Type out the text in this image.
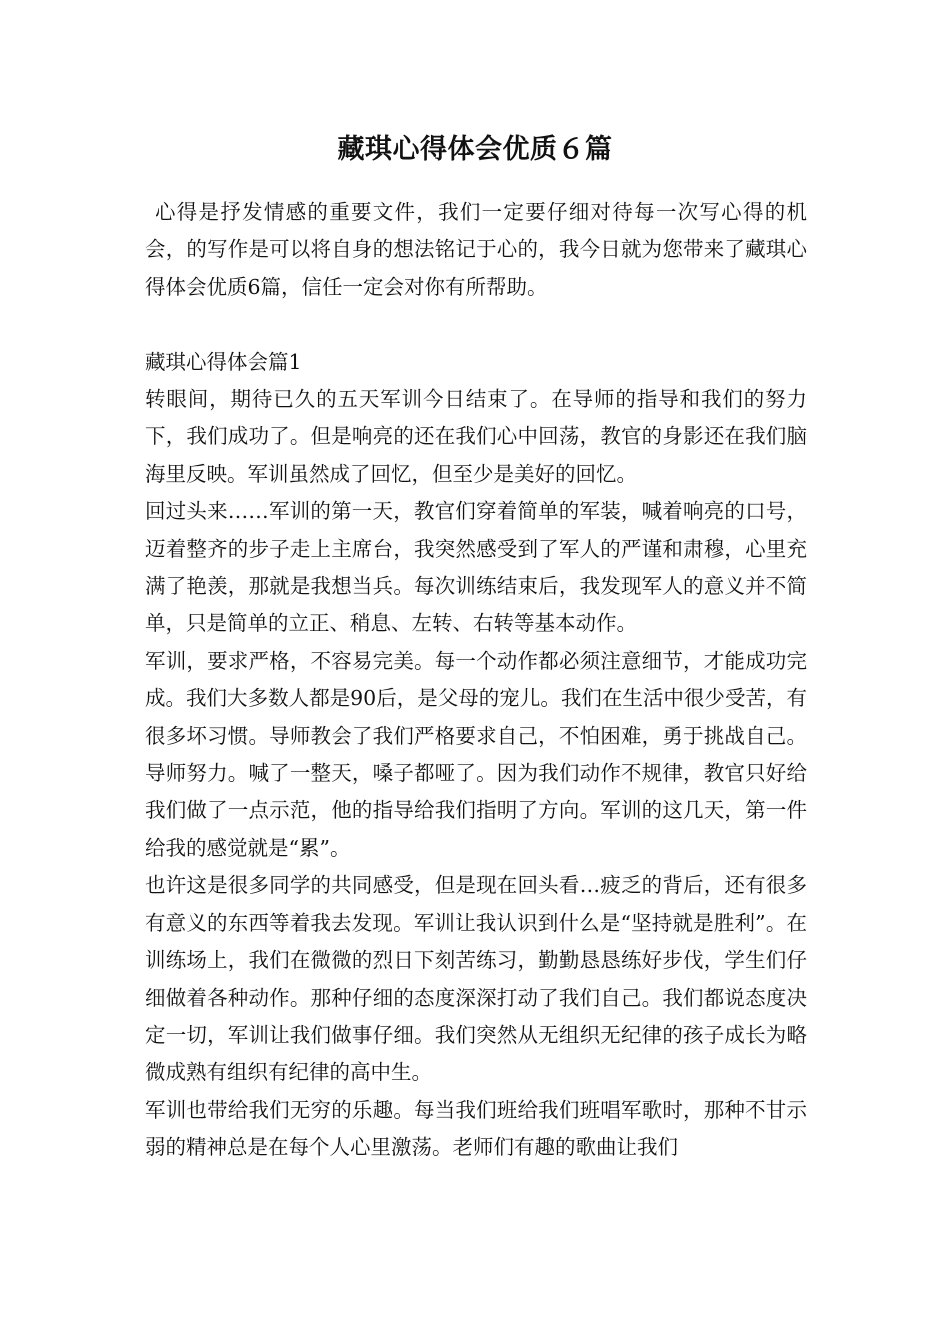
藏琪心得体会优质６篇

心得是抒发情感的重要文件，我们一定要仔细对待每一次写心得的机会，的写作是可以将自身的想法铭记于心的，我今日就为您带来了藏琪心得体会优质6篇，信任一定会对你有所帮助。

藏琪心得体会篇1

转眼间，期待已久的五天军训今日结束了。在导师的指导和我们的努力下，我们成功了。但是响亮的还在我们心中回荡，教官的身影还在我们脑海里反映。军训虽然成了回忆，但至少是美好的回忆。

回过头来……军训的第一天，教官们穿着简单的军装，喊着响亮的口号，迈着整齐的步子走上主席台，我突然感受到了军人的严谨和肃穆，心里充满了艳羡，那就是我想当兵。每次训练结束后，我发现军人的意义并不简单，只是简单的立正、稍息、左转、右转等基本动作。

军训，要求严格，不容易完美。每一个动作都必须注意细节，才能成功完成。我们大多数人都是90后，是父母的宠儿。我们在生活中很少受苦，有很多坏习惯。导师教会了我们严格要求自己，不怕困难，勇于挑战自己。导师努力。喊了一整天，嗓子都哑了。因为我们动作不规律，教官只好给我们做了一点示范，他的指导给我们指明了方向。军训的这几天，第一件给我的感觉就是“累”。

也许这是很多同学的共同感受，但是现在回头看…疲乏的背后，还有很多有意义的东西等着我去发现。军训让我认识到什么是“坚持就是胜利”。在训练场上，我们在微微的烈日下刻苦练习，勤勤恳恳练好步伐，学生们仔细做着各种动作。那种仔细的态度深深打动了我们自己。我们都说态度决定一切，军训让我们做事仔细。我们突然从无组织无纪律的孩子成长为略微成熟有组织有纪律的高中生。

军训也带给我们无穷的乐趣。每当我们班给我们班唱军歌时，那种不甘示弱的精神总是在每个人心里激荡。老师们有趣的歌曲让我们
